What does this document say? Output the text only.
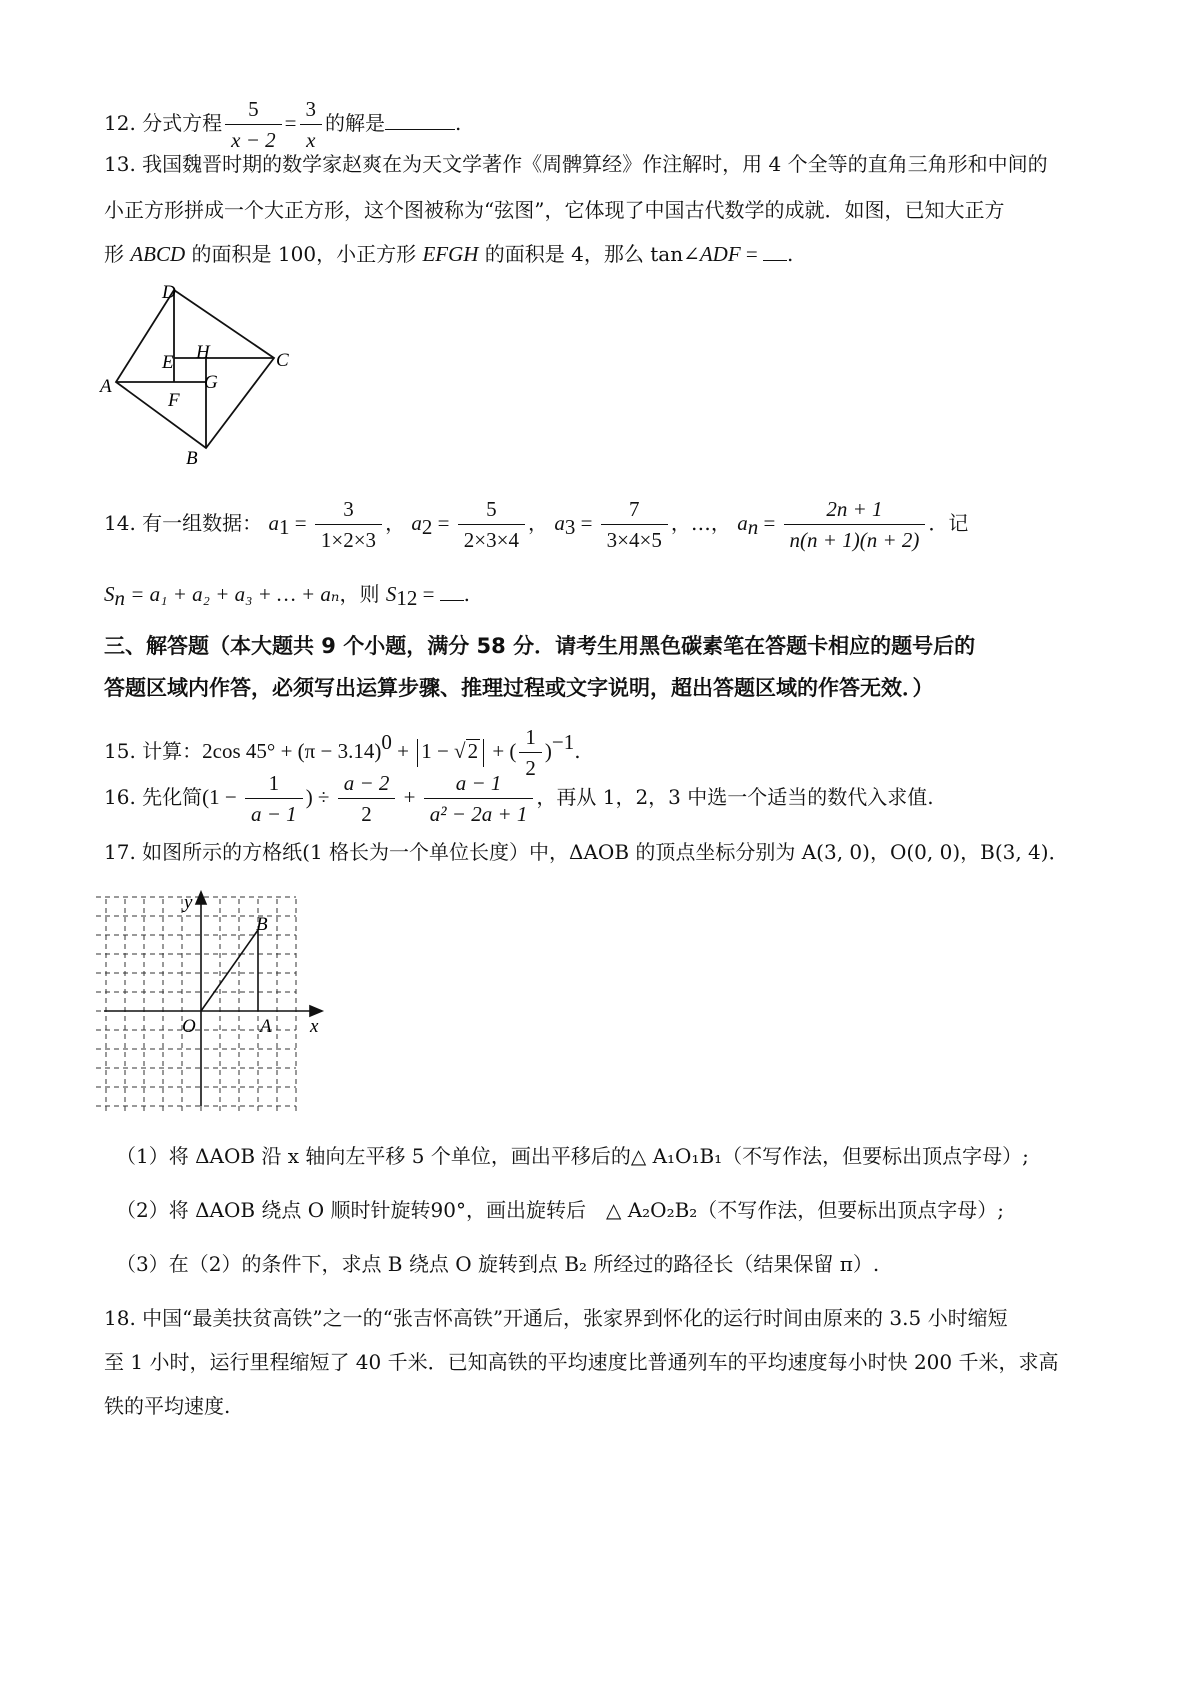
12. 分式方程 $\frac{5}{x - 2} = \frac{3}{x}$ 的解是	.
13. 我国魏晋时期的数学家赵爽在为天文学著作《周髀算经》作注解时，用 4 个全等的直角三角形和中间的
小正方形拼成一个大正方形，这个图被称为“弦图”，它体现了中国古代数学的成就．如图，已知大正方
形 ABCD 的面积是 100，小正方形 EFGH 的面积是 4，那么 tan∠ADF = .
D
C
A
B
E H
G
F
14. 有一组数据： $a_1 = \frac{3}{1\times 2\times 3}$ ， $a_2 = \frac{5}{2\times 3\times 4}$ ， $a_3 = \frac{7}{3\times 4\times 5}$ ，…， $a_n = \frac{2n + 1}{n(n + 1)(n + 2)}$ ．记
$S_n = a_1 + a_2 + a_3$ + … + aₙ，则 $S_{12}$ = .
三、解答题（本大题共 9 个小题，满分 58 分．请考生用黑色碳素笔在答题卡相应的题号后的
答题区域内作答，必须写出运算步骤、推理过程或文字说明，超出答题区域的作答无效．）
15. 计算：2cos $45^\circ + (\pi - 3.14)^0 + 1 - √2$ + ( $\frac{1}{2} )^{-1}$.
16. 先化简($1 - \frac{1}{a - 1}$ ) ÷ $\frac{a - 2}{2} + \frac{a - 1}{\text{a² − 2a + 1}}$ ，再从 1，2，3 中选一个适当的数代入求值.
17. 如图所示的方格纸(1 格长为一个单位长度）中，ΔAOB 的顶点坐标分别为 A(3, 0)，O(0, 0)，B(3, 4)．
y
x
O	A
B
（1）将 ΔAOB 沿 x 轴向左平移 5 个单位，画出平移后的△ A₁O₁B₁（不写作法，但要标出顶点字母）;
（2）将 ΔAOB 绕点 O 顺时针旋转90°，画出旋转后　△ A₂O₂B₂（不写作法，但要标出顶点字母）;
（3）在（2）的条件下，求点 B 绕点 O 旋转到点 B₂ 所经过的路径长（结果保留 π）.
18. 中国“最美扶贫高铁”之一的“张吉怀高铁”开通后，张家界到怀化的运行时间由原来的 3.5 小时缩短
至 1 小时，运行里程缩短了 40 千米．已知高铁的平均速度比普通列车的平均速度每小时快 200 千米，求高
铁的平均速度.
